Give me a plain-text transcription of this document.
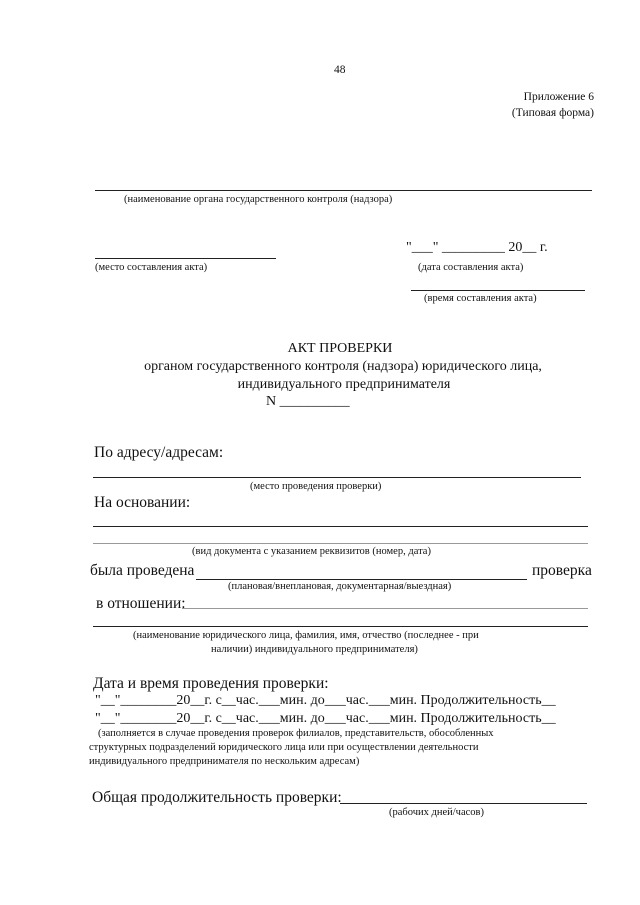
48
Приложение 6
(Типовая форма)
(наименование органа государственного контроля (надзора)
(место составления акта)
"___" _________ 20__ г.
(дата составления акта)
(время составления акта)
АКТ ПРОВЕРКИ
органом государственного контроля (надзора) юридического лица,
индивидуального предпринимателя
N __________
По адресу/адресам:
(место проведения проверки)
На основании:
(вид документа с указанием реквизитов (номер, дата)
была проведена	проверка
(плановая/внеплановая, документарная/выездная)
в отношении:
(наименование юридического лица, фамилия, имя, отчество (последнее - при
наличии) индивидуального предпринимателя)
Дата и время проведения проверки:
"__"________20__г. с__час.___мин. до___час.___мин. Продолжительность__
"__"________20__г. с__час.___мин. до___час.___мин. Продолжительность__
(заполняется в случае проведения проверок филиалов, представительств, обособленных
структурных подразделений юридического лица или при осуществлении деятельности
индивидуального предпринимателя по нескольким адресам)
Общая продолжительность проверки:
(рабочих дней/часов)
